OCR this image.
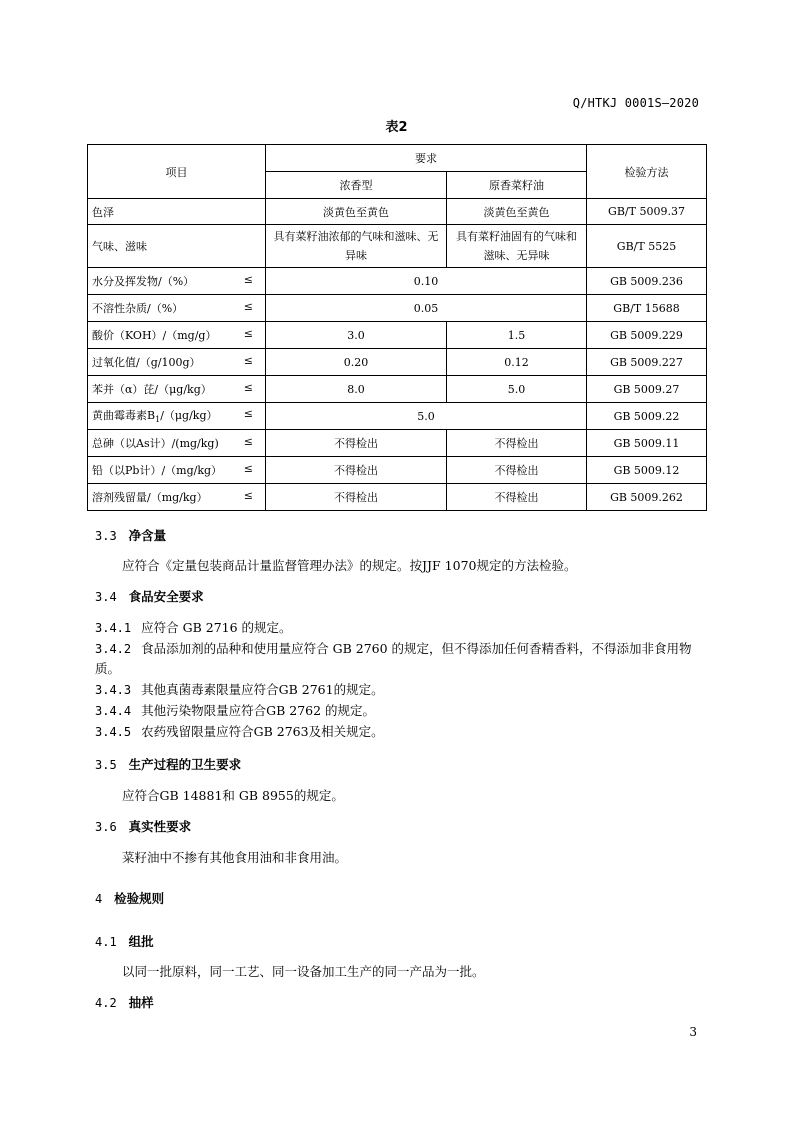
Q/HTKJ 0001S—2020
表2
项目	要求		检验方法
	浓香型	原香菜籽油	
色泽	淡黄色至黄色	淡黄色至黄色	GB/T 5009.37
气味、滋味	具有菜籽油浓郁的气味和滋味、无异味	具有菜籽油固有的气味和滋味、无异味	GB/T 5525

水分及挥发物/（%） ≤	0.10		GB 5009.236

不溶性杂质/（%） ≤	0.05		GB/T 15688

酸价（KOH）/（mg/g） ≤	3.0	1.5	GB 5009.229

过氧化值/（g/100g） ≤	0.20	0.12	GB 5009.227

苯并（α）芘/（μg/kg） ≤	8.0	5.0	GB 5009.27

黄曲霉毒素$B_1/(\mu g/kg)$ ≤	5.0		GB 5009.22

总砷（以As计）/(mg/kg) ≤	不得检出	不得检出	GB 5009.11

铅（以Pb计）/（mg/kg） ≤	不得检出	不得检出	GB 5009.12

溶剂残留量/（mg/kg） ≤	不得检出	不得检出	GB 5009.262
3.3 净含量
应符合《定量包装商品计量监督管理办法》的规定。按JJF 1070规定的方法检验。
3.4 食品安全要求
3.4.1 应符合 GB 2716 的规定。
3.4.2 食品添加剂的品种和使用量应符合 GB 2760 的规定，但不得添加任何香精香料，不得添加非食用物质。
3.4.3 其他真菌毒素限量应符合GB 2761的规定。
3.4.4 其他污染物限量应符合GB 2762 的规定。
3.4.5 农药残留限量应符合GB 2763及相关规定。
3.5 生产过程的卫生要求
应符合GB 14881和 GB 8955的规定。
3.6 真实性要求
菜籽油中不掺有其他食用油和非食用油。
4 检验规则
4.1 组批
以同一批原料，同一工艺、同一设备加工生产的同一产品为一批。
4.2 抽样
3
